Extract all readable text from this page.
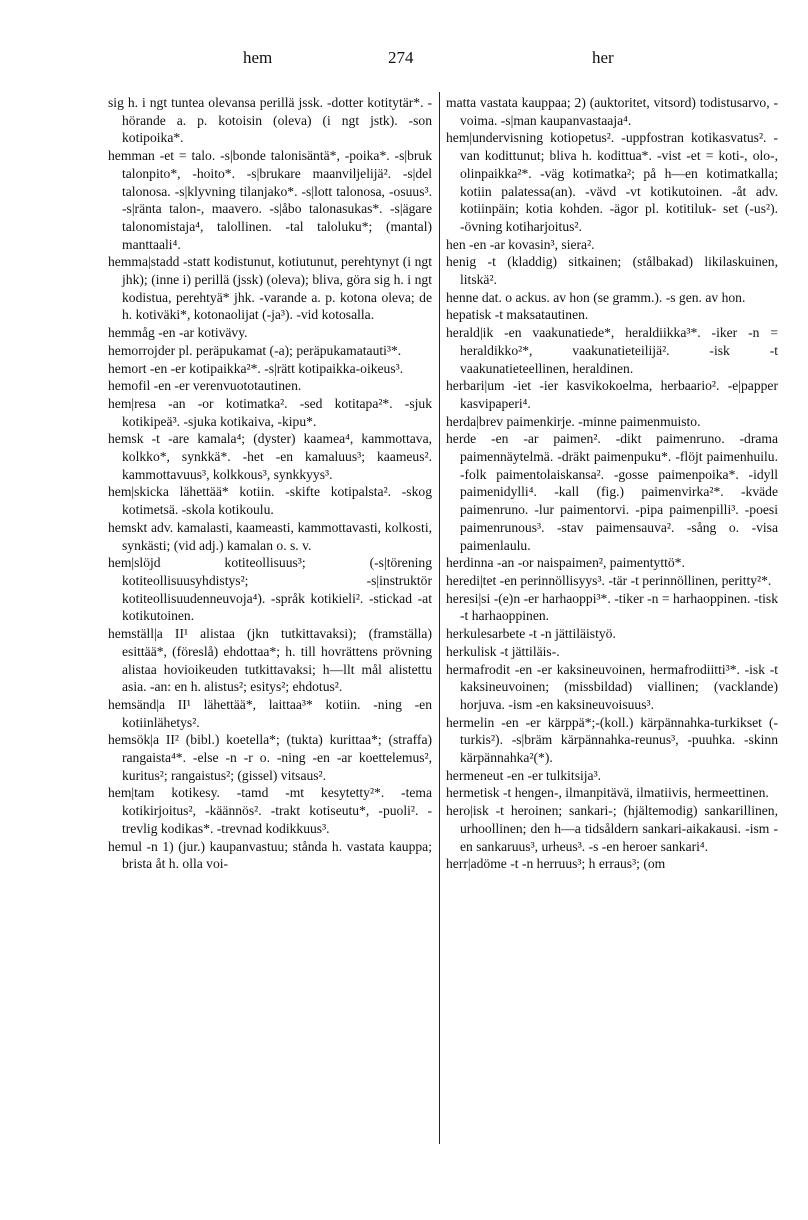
hem	274	her

sig h. i ngt tuntea olevansa perillä jssk. -dotter kotitytär*. -hörande a. p. kotoisin (oleva) (i ngt jstk). -son kotipoika*.

hemman -et = talo. -s|bonde talonisäntä*, -poika*. -s|bruk talonpito*, -hoito*. -s|brukare maanviljelijä². -s|del talonosa. -s|klyvning tilanjako*. -s|lott talonosa, -osuus³. -s|ränta talon-, maavero. -s|åbo talonasukas*. -s|ägare talonomistaja⁴, talollinen. -tal taloluku*; (mantal) manttaali⁴.

hemma|stadd -statt kodistunut, kotiutunut, perehtynyt (i ngt jhk); (inne i) perillä (jssk) (oleva); bliva, göra sig h. i ngt kodistua, perehtyä* jhk. -varande a. p. kotona oleva; de h. kotiväki*, kotonaolijat (-ja³). -vid kotosalla.

hemmåg -en -ar kotivävy.

hemorrojder pl. peräpukamat (-a); peräpukamatauti³*.

hemort -en -er kotipaikka²*. -s|rätt kotipaikka-oikeus³.

hemofil -en -er verenvuototautinen.

hem|resa -an -or kotimatka². -sed kotitapa²*. -sjuk kotikipeä³. -sjuka kotikaiva, -kipu*.

hemsk -t -are kamala⁴; (dyster) kaamea⁴, kammottava, kolkko*, synkkä*. -het -en kamaluus³; kaameus². kammottavuus³, kolkkous³, synkkyys³.

hem|skicka lähettää* kotiin. -skifte kotipalsta². -skog kotimetsä. -skola kotikoulu.

hemskt adv. kamalasti, kaameasti, kammottavasti, kolkosti, synkästi; (vid adj.) kamalan o. s. v.

hem|slöjd kotiteollisuus³; (-s|törening kotiteollisuusyhdistys²; -s|instruktör kotiteollisuudenneuvoja⁴). -språk kotikieli². -stickad -at kotikutoinen.

hemställ|a II¹ alistaa (jkn tutkittavaksi); (framställa) esittää*, (föreslå) ehdottaa*; h. till hovrättens prövning alistaa hovioikeuden tutkittavaksi; h—llt mål alistettu asia. -an: en h. alistus²; esitys²; ehdotus².

hemsänd|a II¹ lähettää*, laittaa³* kotiin. -ning -en kotiinlähetys².

hemsök|a II² (bibl.) koetella*; (tukta) kurittaa*; (straffa) rangaista⁴*. -else -n -r o. -ning -en -ar koettelemus², kuritus²; rangaistus²; (gissel) vitsaus².

hem|tam kotikesy. -tamd -mt kesytetty²*. -tema kotikirjoitus², -käännös². -trakt kotiseutu*, -puoli². -trevlig kodikas*. -trevnad kodikkuus³.

hemul -n 1) (jur.) kaupanvastuu; stånda h. vastata kauppa; brista åt h. olla voi-

matta vastata kauppaa; 2) (auktoritet, vitsord) todistusarvo, -voima. -s|man kaupanvastaaja⁴.

hem|undervisning kotiopetus². -uppfostran kotikasvatus². -van kodittunut; bliva h. kodittua*. -vist -et = koti-, olo-, olinpaikka²*. -väg kotimatka²; på h—en kotimatkalla; kotiin palatessa(an). -vävd -vt kotikutoinen. -åt adv. kotiinpäin; kotia kohden. -ägor pl. kotitiluk- set (-us²). -övning kotiharjoitus².

hen -en -ar kovasin³, siera².

henig -t (kladdig) sitkainen; (stålbakad) likilaskuinen, litskä².

henne dat. o ackus. av hon (se gramm.). -s gen. av hon.

hepatisk -t maksatautinen.

herald|ik -en vaakunatiede*, heraldiikka³*. -iker -n = heraldikko²*, vaakunatieteilijä². -isk -t vaakunatieteellinen, heraldinen.

herbari|um -iet -ier kasvikokoelma, herbaario². -e|papper kasvipaperi⁴.

herda|brev paimenkirje. -minne paimenmuisto.

herde -en -ar paimen². -dikt paimenruno. -drama paimennäytelmä. -dräkt paimenpuku*. -flöjt paimenhuilu. -folk paimentolaiskansa². -gosse paimenpoika*. -idyll paimenidylli⁴. -kall (fig.) paimenvirka²*. -kväde paimenruno. -lur paimentorvi. -pipa paimenpilli³. -poesi paimenrunous³. -stav paimensauva². -sång o. -visa paimenlaulu.

herdinna -an -or naispaimen², paimentyttö*.

heredi|tet -en perinnöllisyys³. -tär -t perinnöllinen, peritty²*.

heresi|si -(e)n -er harhaoppi³*. -tiker -n = harhaoppinen. -tisk -t harhaoppinen.

herkulesarbete -t -n jättiläistyö.

herkulisk -t jättiläis-.

hermafrodit -en -er kaksineuvoinen, hermafrodiitti³*. -isk -t kaksineuvoinen; (missbildad) viallinen; (vacklande) horjuva. -ism -en kaksineuvoisuus³.

hermelin -en -er kärppä*;-(koll.) kärpännahka-turkikset (-turkis²). -s|bräm kärpännahka-reunus³, -puuhka. -skinn kärpännahka²(*).

hermeneut -en -er tulkitsija³.

hermetisk -t hengen-, ilmanpitävä, ilmatiivis, hermeettinen.

hero|isk -t heroinen; sankari-; (hjältemodig) sankarillinen, urhoollinen; den h—a tidsåldern sankari-aikakausi. -ism -en sankaruus³, urheus³. -s -en heroer sankari⁴.

herr|adöme -t -n herruus³; h erraus³; (om
